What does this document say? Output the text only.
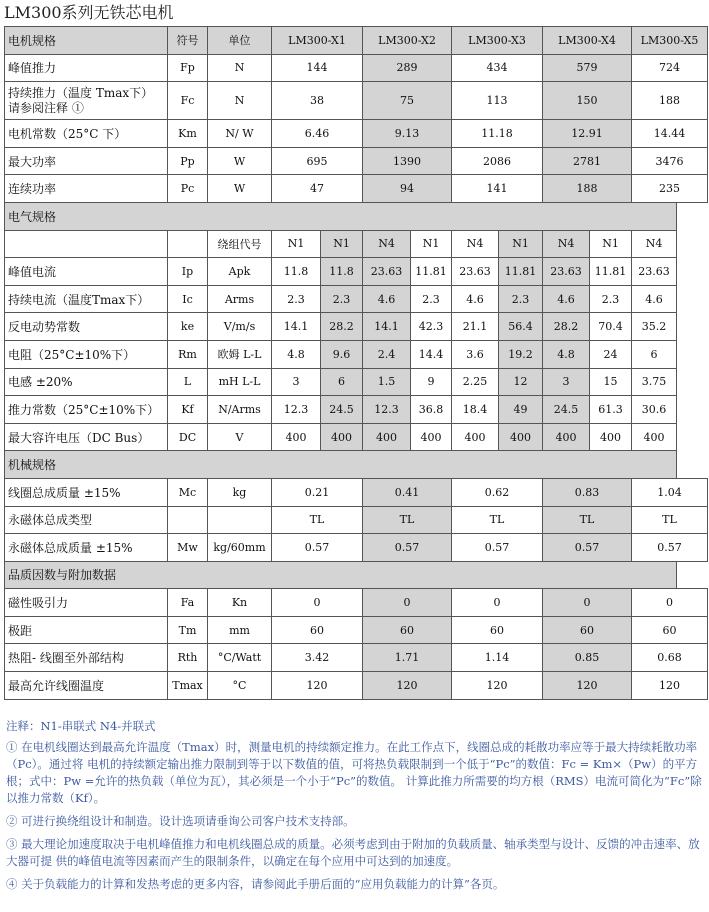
LM300系列无铁芯电机
电机规格	符号	单位	LM300-X1		LM300-X2		LM300-X3		LM300-X4		LM300-X5
峰值推力	Fp	N	144		289		434		579		724
持续推力（温度 Tmax下）请参阅注释 ①	Fc	N	38		75		113		150		188
电机常数（25°C 下）	Km	N/ W	6.46		9.13		11.18		12.91		14.44
最大功率	Pp	W	695		1390		2086		2781		3476
连续功率	Pc	W	47		94		141		188		235
电气规格											
		绕组代号	N1	N1	N4	N1	N4	N1	N4	N1	N4
峰值电流	Ip	Apk	11.8	11.8	23.63	11.81	23.63	11.81	23.63	11.81	23.63
持续电流（温度Tmax下）	Ic	Arms	2.3	2.3	4.6	2.3	4.6	2.3	4.6	2.3	4.6
反电动势常数	ke	V/m/s	14.1	28.2	14.1	42.3	21.1	56.4	28.2	70.4	35.2
电阻（25°C±10%下）	Rm	欧姆 L-L	4.8	9.6	2.4	14.4	3.6	19.2	4.8	24	6
电感 ±20%	L	mH L-L	3	6	1.5	9	2.25	12	3	15	3.75
推力常数（25°C±10%下）	Kf	N/Arms	12.3	24.5	12.3	36.8	18.4	49	24.5	61.3	30.6
最大容许电压（DC Bus）	DC	V	400	400	400	400	400	400	400	400	400
机械规格											
线圈总成质量 ±15%	Mc	kg	0.21		0.41		0.62		0.83		1.04
永磁体总成类型			TL		TL		TL		TL		TL
永磁体总成质量 ±15%	Mw	kg/60mm	0.57		0.57		0.57		0.57		0.57
品质因数与附加数据											
磁性吸引力	Fa	Kn	0		0		0		0		0
极距	Tm	mm	60		60		60		60		60
热阻- 线圈至外部结构	Rth	°C/Watt	3.42		1.71		1.14		0.85		0.68
最高允许线圈温度	Tmax	°C	120		120		120		120		120

注释：N1-串联式 N4-并联式

① 在电机线圈达到最高允许温度（Tmax）时，测量电机的持续额定推力。在此工作点下，线圈总成的耗散功率应等于最大持续耗散功率（Pc）。通过将 电机的持续额定输出推力限制到等于以下数值的值，可将热负载限制到一个低于“Pc”的数值：Fc = Km×（Pw）的平方根；式中：Pw =允许的热负载（单位为瓦），其必须是一个小于“Pc”的数值。 计算此推力所需要的均方根（RMS）电流可简化为“Fc”除以推力常数（Kf）。

② 可进行换绕组设计和制造。设计选项请垂询公司客户技术支持部。

③ 最大理论加速度取决于电机峰值推力和电机线圈总成的质量。必须考虑到由于附加的负载质量、轴承类型与设计、反馈的冲击速率、放大器可提 供的峰值电流等因素而产生的限制条件，以确定在每个应用中可达到的加速度。

④ 关于负载能力的计算和发热考虑的更多内容，请参阅此手册后面的“应用负载能力的计算”各页。
